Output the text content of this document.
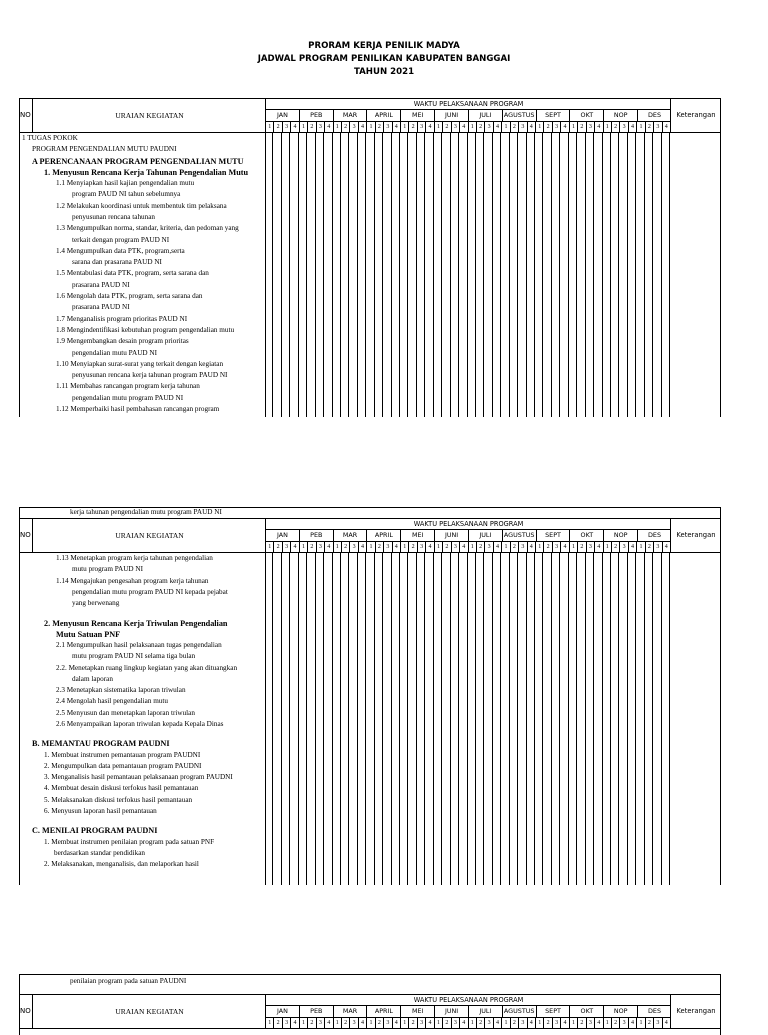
PRORAM KERJA PENILIK MADYA
JADWAL PROGRAM PENILIKAN KABUPATEN BANGGAI
TAHUN 2021
NO	URAIAN KEGIATAN
WAKTU PELAKSANAAN PROGRAM
JAN	PEB	MAR	APRIL	MEI	JUNI	JULI	AGUSTUS	SEPT	OKT	NOP	DES
1 2 3 4 1 2 3 4 1 2 3 4 1 2 3 4 1 2 3 4 1 2 3 4 1 2 3 4 1 2 3 4 1 2 3 4 1 2 3 4 1 2 3 4 1 2 3 4
Keterangan
1 TUGAS POKOK
PROGRAM PENGENDALIAN MUTU PAUDNI
A PERENCANAAN PROGRAM PENGENDALIAN MUTU
1. Menyusun Rencana Kerja Tahunan Pengendalian Mutu
1.1 Menyiapkan hasil kajian pengendalian mutu
program PAUD NI tahun sebelumnya
1.2 Melakukan koordinasi untuk membentuk tim pelaksana
penyusunan rencana tahunan
1.3 Mengumpulkan norma, standar, kriteria, dan pedoman yang
terkait dengan program PAUD NI
1.4 Mengumpulkan data PTK, program,serta
sarana dan prasarana PAUD NI
1.5 Mentabulasi data PTK, program, serta sarana dan
prasarana PAUD NI
1.6 Mengolah data PTK, program, serta sarana dan
prasarana PAUD NI
1.7 Menganalisis program prioritas PAUD NI
1.8 Mengindentifikasi kebutuhan program pengendalian mutu
1.9 Mengembangkan desain program prioritas
pengendalian mutu PAUD NI
1.10 Menyiapkan surat-surat yang terkait dengan kegiatan
penyusunan rencana kerja tahunan program PAUD NI
1.11 Membahas rancangan program kerja tahunan
pengendalian mutu program PAUD NI
1.12 Memperbaiki hasil pembahasan rancangan program
kerja tahunan pengendalian mutu program PAUD NI
NO	URAIAN KEGIATAN
WAKTU PELAKSANAAN PROGRAM
JAN	PEB	MAR	APRIL	MEI	JUNI	JULI	AGUSTUS	SEPT	OKT	NOP	DES
1 2 3 4 1 2 3 4 1 2 3 4 1 2 3 4 1 2 3 4 1 2 3 4 1 2 3 4 1 2 3 4 1 2 3 4 1 2 3 4 1 2 3 4 1 2 3 4
Keterangan
1.13 Menetapkan program kerja tahunan pengendalian
mutu program PAUD NI
1.14 Mengajukan pengesahan program kerja tahunan
pengendalian mutu program PAUD NI kepada pejabat
yang berwenang
2. Menyusun Rencana Kerja Triwulan Pengendalian
Mutu Satuan PNF
2.1 Mengumpulkan hasil pelaksanaan tugas pengendalian
mutu program PAUD NI selama tiga bulan
2.2. Menetapkan ruang lingkup kegiatan yang akan dituangkan
dalam laporan
2.3 Menetapkan sistematika laporan triwulan
2.4 Mengolah hasil pengendalian mutu
2.5 Menyusun dan menetapkan laporan triwulan
2.6 Menyampaikan laporan triwulan kepada Kepala Dinas
B. MEMANTAU PROGRAM PAUDNI
1. Membuat instrumen pemantauan program PAUDNI
2. Mengumpulkan data pemantauan program PAUDNI
3. Menganalisis hasil pemantauan pelaksanaan program PAUDNI
4. Membuat desain diskusi terfokus hasil pemantauan
5. Melaksanakan diskusi terfokus hasil pemantauan
6. Menyusun laporan hasil pemantauan
C. MENILAI PROGRAM PAUDNI
1. Membuat instrumen penilaian program pada satuan PNF
berdasarkan standar pendidikan
2. Melaksanakan, menganalisis, dan melaporkan hasil
penilaian program pada satuan PAUDNI
NO	URAIAN KEGIATAN
WAKTU PELAKSANAAN PROGRAM
JAN	PEB	MAR	APRIL	MEI	JUNI	JULI	AGUSTUS	SEPT	OKT	NOP	DES
1 2 3 4 1 2 3 4 1 2 3 4 1 2 3 4 1 2 3 4 1 2 3 4 1 2 3 4 1 2 3 4 1 2 3 4 1 2 3 4 1 2 3 4 1 2 3 4
Keterangan
